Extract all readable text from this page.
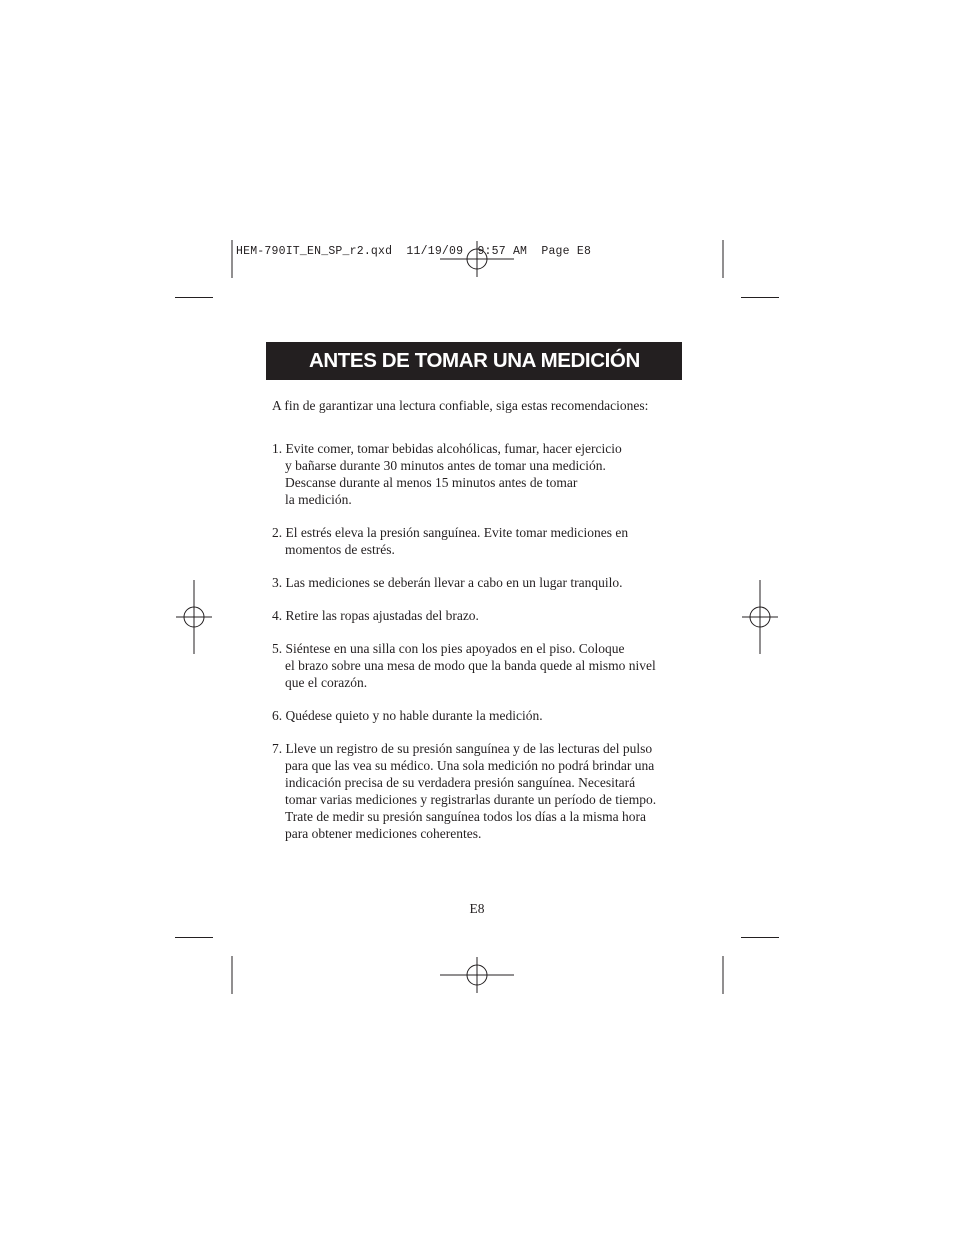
HEM-790IT_EN_SP_r2.qxd  11/19/09  9:57 AM  Page E8
ANTES DE TOMAR UNA MEDICIÓN
A fin de garantizar una lectura confiable, siga estas recomendaciones:
1. Evite comer, tomar bebidas alcohólicas, fumar, hacer ejercicio
y bañarse durante 30 minutos antes de tomar una medición.
Descanse durante al menos 15 minutos antes de tomar
la medición.
2. El estrés eleva la presión sanguínea. Evite tomar mediciones en
momentos de estrés.
3. Las mediciones se deberán llevar a cabo en un lugar tranquilo.
4. Retire las ropas ajustadas del brazo.
5. Siéntese en una silla con los pies apoyados en el piso. Coloque
el brazo sobre una mesa de modo que la banda quede al mismo nivel
que el corazón.
6. Quédese quieto y no hable durante la medición.
7. Lleve un registro de su presión sanguínea y de las lecturas del pulso
para que las vea su médico. Una sola medición no podrá brindar una
indicación precisa de su verdadera presión sanguínea. Necesitará
tomar varias mediciones y registrarlas durante un período de tiempo.
Trate de medir su presión sanguínea todos los días a la misma hora
para obtener mediciones coherentes.
E8
